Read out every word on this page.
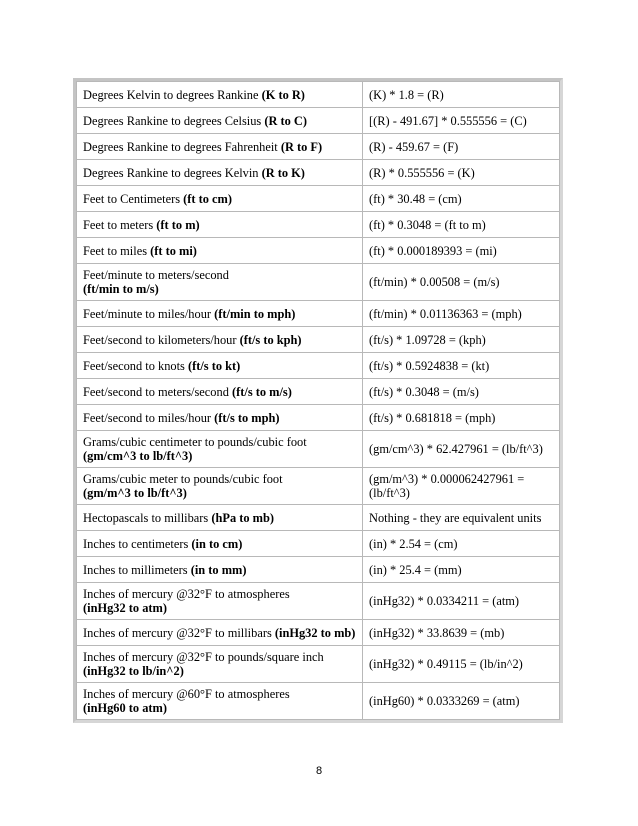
Degrees Kelvin to degrees Rankine (K to R)	(K) * 1.8 = (R)
Degrees Rankine to degrees Celsius (R to C)	[(R) - 491.67] * 0.555556 = (C)
Degrees Rankine to degrees Fahrenheit (R to F)	(R) - 459.67 = (F)
Degrees Rankine to degrees Kelvin (R to K)	(R) * 0.555556 = (K)
Feet to Centimeters (ft to cm)	(ft) * 30.48 = (cm)
Feet to meters (ft to m)	(ft) * 0.3048 = (ft to m)
Feet to miles (ft to mi)	(ft) * 0.000189393 = (mi)
Feet/minute to meters/second
(ft/min to m/s)	(ft/min) * 0.00508 = (m/s)
Feet/minute to miles/hour (ft/min to mph)	(ft/min) * 0.01136363 = (mph)
Feet/second to kilometers/hour (ft/s to kph)	(ft/s) * 1.09728 = (kph)
Feet/second to knots (ft/s to kt)	(ft/s) * 0.5924838 = (kt)
Feet/second to meters/second (ft/s to m/s)	(ft/s) * 0.3048 = (m/s)
Feet/second to miles/hour (ft/s to mph)	(ft/s) * 0.681818 = (mph)
Grams/cubic centimeter to pounds/cubic foot
(gm/cm^3 to lb/ft^3)	(gm/cm^3) * 62.427961 = (lb/ft^3)
Grams/cubic meter to pounds/cubic foot
(gm/m^3 to lb/ft^3)	(gm/m^3) * 0.000062427961 = (lb/ft^3)
Hectopascals to millibars (hPa to mb)	Nothing - they are equivalent units
Inches to centimeters (in to cm)	(in) * 2.54 = (cm)
Inches to millimeters (in to mm)	(in) * 25.4 = (mm)
Inches of mercury @32°F to atmospheres
(inHg32 to atm)	(inHg32) * 0.0334211 = (atm)
Inches of mercury @32°F to millibars (inHg32 to mb)	(inHg32) * 33.8639 = (mb)
Inches of mercury @32°F to pounds/square inch
(inHg32 to lb/in^2)	(inHg32) * 0.49115 = (lb/in^2)
Inches of mercury @60°F to atmospheres
(inHg60 to atm)	(inHg60) * 0.0333269 = (atm)
8
